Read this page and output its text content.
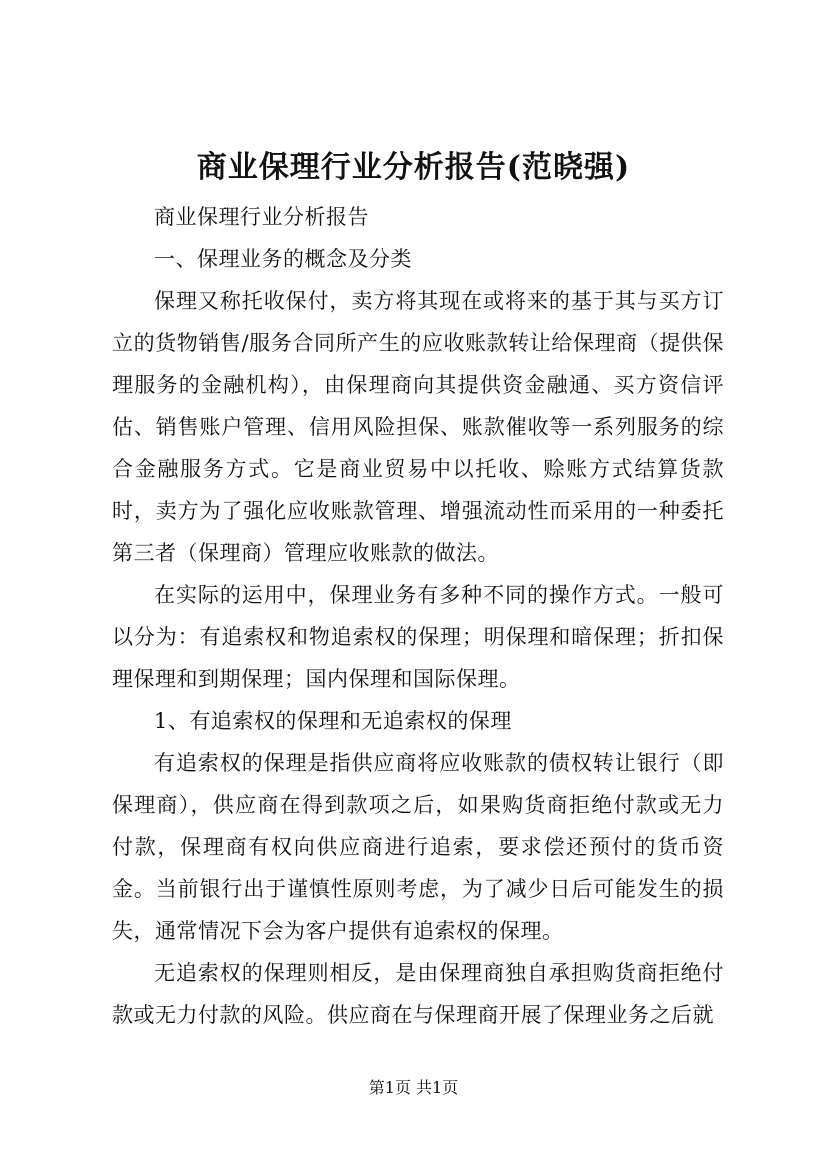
商业保理行业分析报告(范晓强)

商业保理行业分析报告

一、保理业务的概念及分类

保理又称托收保付，卖方将其现在或将来的基于其与买方订立的货物销售/服务合同所产生的应收账款转让给保理商（提供保理服务的金融机构），由保理商向其提供资金融通、买方资信评估、销售账户管理、信用风险担保、账款催收等一系列服务的综合金融服务方式。它是商业贸易中以托收、赊账方式结算货款时，卖方为了强化应收账款管理、增强流动性而采用的一种委托第三者（保理商）管理应收账款的做法。

在实际的运用中，保理业务有多种不同的操作方式。一般可以分为：有追索权和物追索权的保理；明保理和暗保理；折扣保理保理和到期保理；国内保理和国际保理。

1、有追索权的保理和无追索权的保理

有追索权的保理是指供应商将应收账款的债权转让银行（即保理商），供应商在得到款项之后，如果购货商拒绝付款或无力付款，保理商有权向供应商进行追索，要求偿还预付的货币资金。当前银行出于谨慎性原则考虑，为了减少日后可能发生的损失，通常情况下会为客户提供有追索权的保理。

无追索权的保理则相反，是由保理商独自承担购货商拒绝付款或无力付款的风险。供应商在与保理商开展了保理业务之后就

第1页 共1页
